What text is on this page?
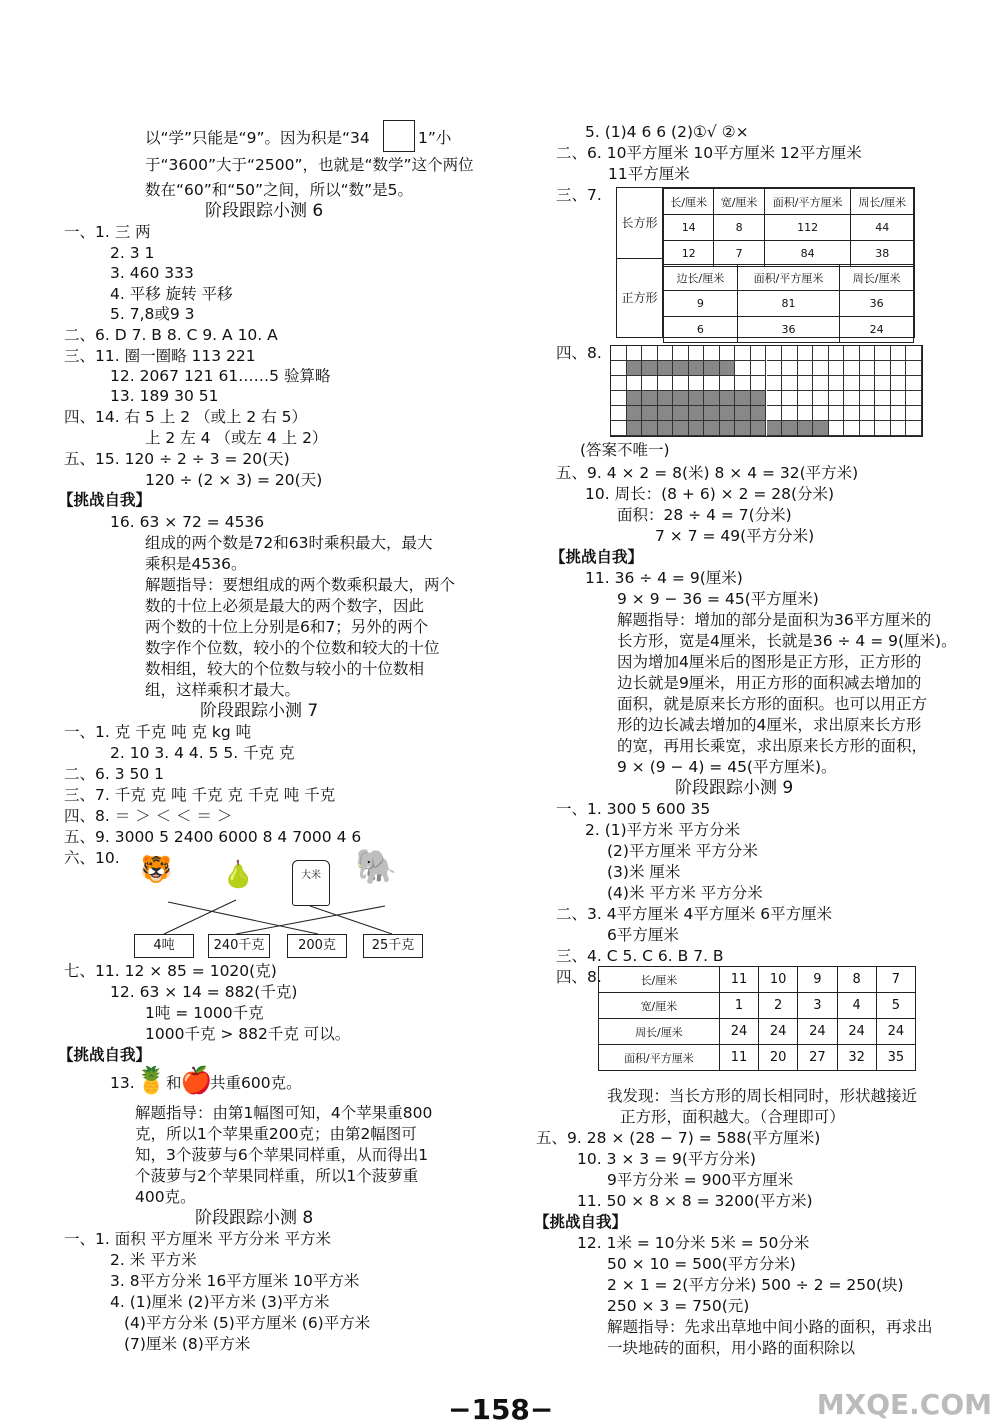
以“学”只能是“9”。因为积是“34	1”小
于“3600”大于“2500”，也就是“数学”这个两位
数在“60”和“50”之间，所以“数”是5。
阶段跟踪小测 6
一、1. 三 两
2. 3 1
3. 460 333
4. 平移 旋转 平移
5. 7,8或9 3
二、6. D 7. B 8. C 9. A 10. A
三、11. 圈一圈略 113 221
12. 2067 121 61……5 验算略
13. 189 30 51
四、14. 右 5 上 2 （或上 2 右 5）
上 2 左 4 （或左 4 上 2）
五、15. 120 ÷ 2 ÷ 3 = 20(天)
120 ÷ (2 × 3) = 20(天)
【挑战自我】
16. 63 × 72 = 4536
组成的两个数是72和63时乘积最大，最大
乘积是4536。
解题指导：要想组成的两个数乘积最大，两个
数的十位上必须是最大的两个数字，因此
两个数的十位上分别是6和7；另外的两个
数字作个位数，较小的个位数和较大的十位
数相组，较大的个位数与较小的十位数相
组，这样乘积才最大。
阶段跟踪小测 7
一、1. 克 千克 吨 克 kg 吨
2. 10 3. 4 4. 5 5. 千克 克
二、6. 3 50 1
三、7. 千克 克 吨 千克 克 千克 吨 千克
四、8. ＝ ＞ ＜ ＜ ＝ ＞
五、9. 3000 5 2400 6000 8 4 7000 4 6
六、10. 🐯 🍐	大米 🐘
4吨	240千克	200克	25千克
七、11. 12 × 85 = 1020(克)
12. 63 × 14 = 882(千克)
1吨 = 1000千克
1000千克 > 882千克 可以。
【挑战自我】
13. 🍍
和
🍎
共重600克。
解题指导：由第1幅图可知，4个苹果重800
克，所以1个苹果重200克；由第2幅图可
知，3个菠萝与6个苹果同样重，从而得出1
个菠萝与2个苹果同样重，所以1个菠萝重
400克。
阶段跟踪小测 8
一、1. 面积 平方厘米 平方分米 平方米
2. 米 平方米
3. 8平方分米 16平方厘米 10平方米
4. (1)厘米 (2)平方米 (3)平方米
(4)平方分米 (5)平方厘米 (6)平方米
(7)厘米 (8)平方米
5. (1)4 6 6 (2)①√ ②×
二、6. 10平方厘米 10平方厘米 12平方厘米
11平方厘米
三、7.
长方形
正方形
长/厘米	宽/厘米	面积/平方厘米	周长/厘米
14	8	112	44
12	7	84	38
边长/厘米	面积/平方厘米	周长/厘米
9	81	36
6	36	24
四、8.
(答案不唯一)
五、9. 4 × 2 = 8(米) 8 × 4 = 32(平方米)
10. 周长：(8 + 6) × 2 = 28(分米)
面积：28 ÷ 4 = 7(分米)
7 × 7 = 49(平方分米)
【挑战自我】
11. 36 ÷ 4 = 9(厘米)
9 × 9 − 36 = 45(平方厘米)
解题指导：增加的部分是面积为36平方厘米的
长方形，宽是4厘米，长就是36 ÷ 4 = 9(厘米)。
因为增加4厘米后的图形是正方形，正方形的
边长就是9厘米，用正方形的面积减去增加的
面积，就是原来长方形的面积。也可以用正方
形的边长减去增加的4厘米，求出原来长方形
的宽，再用长乘宽，求出原来长方形的面积，
9 × (9 − 4) = 45(平方厘米)。
阶段跟踪小测 9
一、1. 300 5 600 35
2. (1)平方米 平方分米
(2)平方厘米 平方分米
(3)米 厘米
(4)米 平方米 平方分米
二、3. 4平方厘米 4平方厘米 6平方厘米
6平方厘米
三、4. C 5. C 6. B 7. B
四、8.	长/厘米	11	10	9	8	7
宽/厘米	1	2	3	4	5
周长/厘米	24	24	24	24	24
面积/平方厘米	11	20	27	32	35
我发现：当长方形的周长相同时，形状越接近
正方形，面积越大。（合理即可）
五、9. 28 × (28 − 7) = 588(平方厘米)
10. 3 × 3 = 9(平方分米)
9平方分米 = 900平方厘米
11. 50 × 8 × 8 = 3200(平方米)
【挑战自我】
12. 1米 = 10分米 5米 = 50分米
50 × 10 = 500(平方分米)
2 × 1 = 2(平方分米) 500 ÷ 2 = 250(块)
250 × 3 = 750(元)
解题指导：先求出草地中间小路的面积，再求出
一块地砖的面积，用小路的面积除以
−158−	MXQE.COM
